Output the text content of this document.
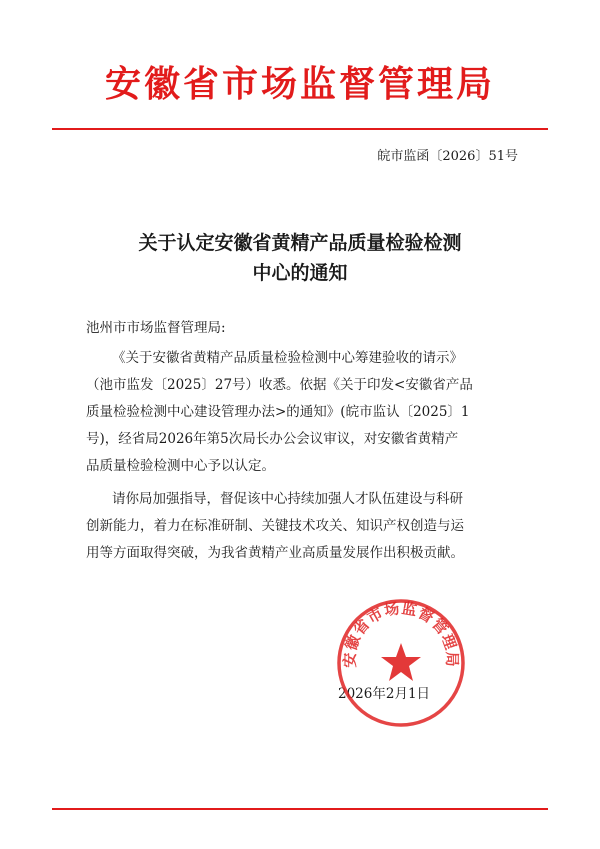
安徽省市场监督管理局
皖市监函〔2026〕51号
关于认定安徽省黄精产品质量检验检测
中心的通知
池州市市场监督管理局:
《关于安徽省黄精产品质量检验检测中心筹建验收的请示》
（池市监发〔2025〕27号）收悉。依据《关于印发<安徽省产品
质量检验检测中心建设管理办法>的通知》(皖市监认〔2025〕1
号)，经省局2026年第5次局长办公会议审议，对安徽省黄精产
品质量检验检测中心予以认定。
请你局加强指导，督促该中心持续加强人才队伍建设与科研
创新能力，着力在标准研制、关键技术攻关、知识产权创造与运
用等方面取得突破，为我省黄精产业高质量发展作出积极贡献。
2026年2月1日
安徽省市场监督管理局
